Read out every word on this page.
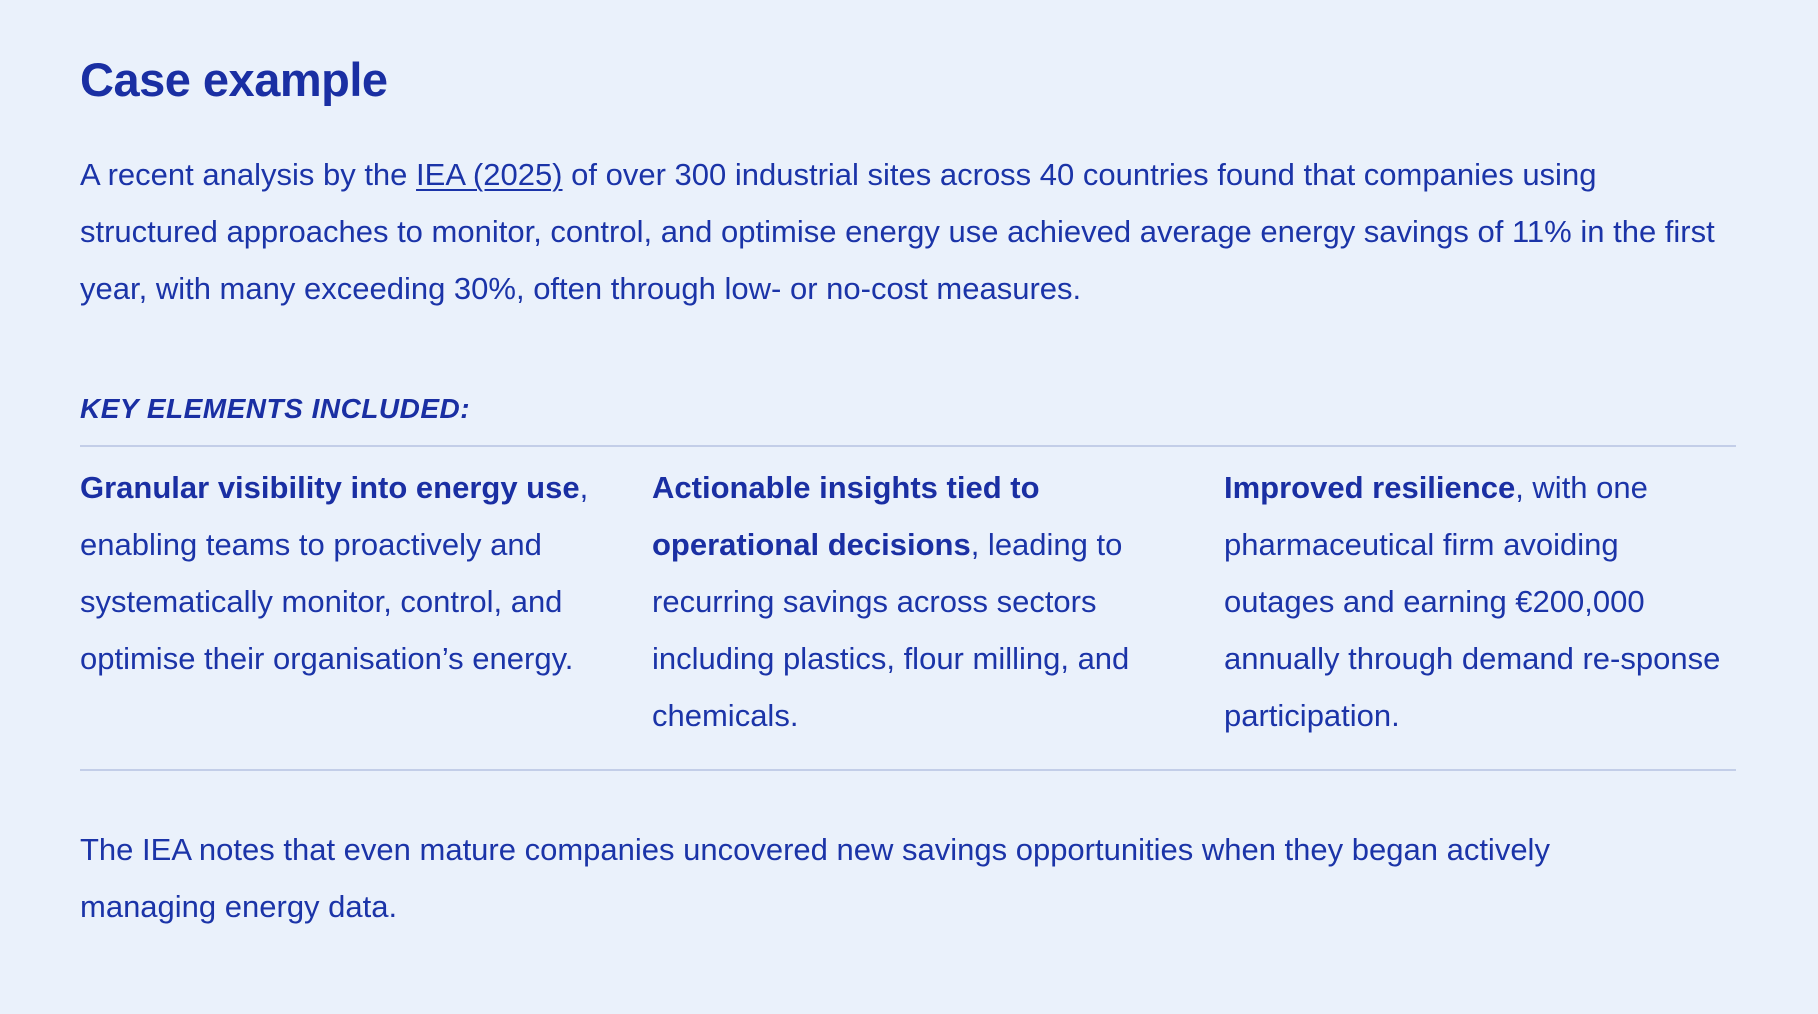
Case example

A recent analysis by the IEA (2025) of over 300 industrial sites across 40 countries found that companies using structured approaches to monitor, control, and optimise energy use achieved average energy savings of 11% in the first year, with many exceeding 30%, often through low- or no-cost measures.

KEY ELEMENTS INCLUDED:
Granular visibility into energy use, enabling teams to proactively and systematically monitor, control, and optimise their organisation’s energy.
Actionable insights tied to operational decisions, leading to recurring savings across sectors including plastics, flour milling, and chemicals.
Improved resilience, with one pharmaceutical firm avoiding outages and earning €200,000 annually through demand re-sponse participation.

The IEA notes that even mature companies uncovered new savings opportunities when they began actively managing energy data.
